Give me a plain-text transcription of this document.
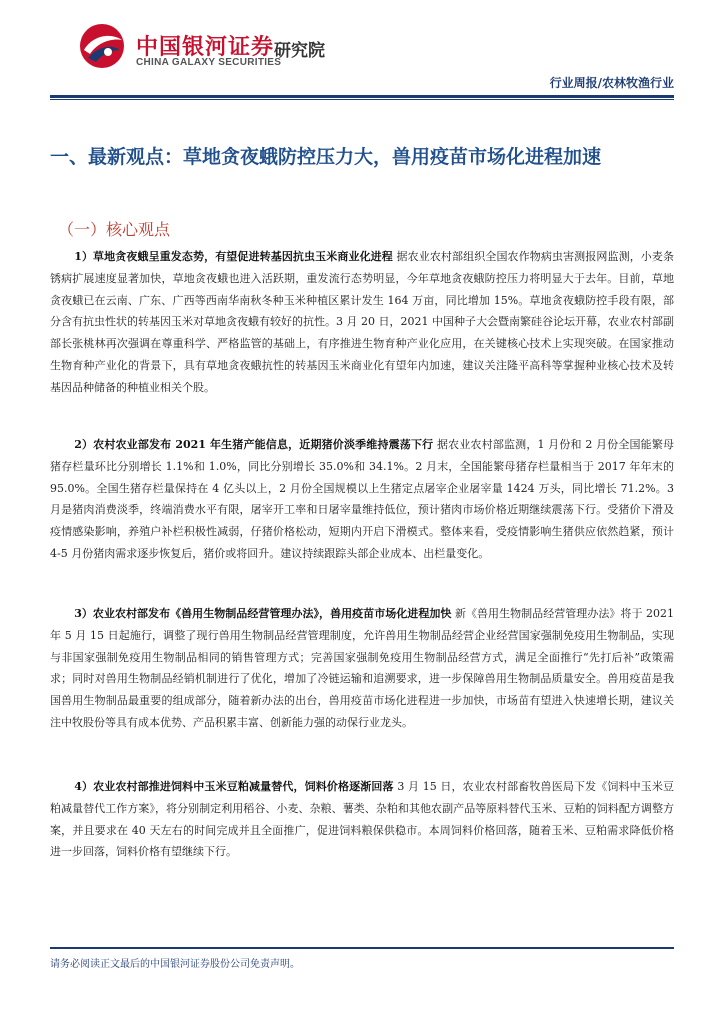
中国银河证券
CHINA GALAXY SECURITIES
研究院
行业周报/农林牧渔行业
一、最新观点：草地贪夜蛾防控压力大，兽用疫苗市场化进程加速
（一）核心观点
1）草地贪夜蛾呈重发态势，有望促进转基因抗虫玉米商业化进程 据农业农村部组织全国农作物病虫害测报网监测，小麦条锈病扩展速度显著加快，草地贪夜蛾也进入活跃期，重发流行态势明显，今年草地贪夜蛾防控压力将明显大于去年。目前，草地贪夜蛾已在云南、广东、广西等西南华南秋冬种玉米种植区累计发生 164 万亩，同比增加 15%。草地贪夜蛾防控手段有限，部分含有抗虫性状的转基因玉米对草地贪夜蛾有较好的抗性。3 月 20 日，2021 中国种子大会暨南繁硅谷论坛开幕，农业农村部副部长张桃林再次强调在尊重科学、严格监管的基础上，有序推进生物育种产业化应用，在关键核心技术上实现突破。在国家推动生物育种产业化的背景下，具有草地贪夜蛾抗性的转基因玉米商业化有望年内加速，建议关注隆平高科等掌握种业核心技术及转基因品种储备的种植业相关个股。
2）农村农业部发布 2021 年生猪产能信息，近期猪价淡季维持震荡下行 据农业农村部监测，1 月份和 2 月份全国能繁母猪存栏量环比分别增长 1.1%和 1.0%，同比分别增长 35.0%和 34.1%。2 月末，全国能繁母猪存栏量相当于 2017 年年末的 95.0%。全国生猪存栏量保持在 4 亿头以上，2 月份全国规模以上生猪定点屠宰企业屠宰量 1424 万头，同比增长 71.2%。3 月是猪肉消费淡季，终端消费水平有限，屠宰开工率和日屠宰量维持低位，预计猪肉市场价格近期继续震荡下行。受猪价下滑及疫情感染影响，养殖户补栏积极性减弱，仔猪价格松动，短期内开启下滑模式。整体来看，受疫情影响生猪供应依然趋紧，预计 4-5 月份猪肉需求逐步恢复后，猪价或将回升。建议持续跟踪头部企业成本、出栏量变化。
3）农业农村部发布《兽用生物制品经营管理办法》，兽用疫苗市场化进程加快 新《兽用生物制品经营管理办法》将于 2021 年 5 月 15 日起施行，调整了现行兽用生物制品经营管理制度，允许兽用生物制品经营企业经营国家强制免疫用生物制品，实现与非国家强制免疫用生物制品相同的销售管理方式；完善国家强制免疫用生物制品经营方式，满足全面推行“先打后补”政策需求；同时对兽用生物制品经销机制进行了优化，增加了冷链运输和追溯要求，进一步保障兽用生物制品质量安全。兽用疫苗是我国兽用生物制品最重要的组成部分，随着新办法的出台，兽用疫苗市场化进程进一步加快，市场苗有望进入快速增长期，建议关注中牧股份等具有成本优势、产品积累丰富、创新能力强的动保行业龙头。
4）农业农村部推进饲料中玉米豆粕减量替代，饲料价格逐渐回落 3 月 15 日，农业农村部畜牧兽医局下发《饲料中玉米豆粕减量替代工作方案》，将分别制定利用稻谷、小麦、杂粮、薯类、杂粕和其他农副产品等原料替代玉米、豆粕的饲料配方调整方案，并且要求在 40 天左右的时间完成并且全面推广，促进饲料粮保供稳市。本周饲料价格回落，随着玉米、豆粕需求降低价格进一步回落，饲料价格有望继续下行。
请务必阅读正文最后的中国银河证券股份公司免责声明。
